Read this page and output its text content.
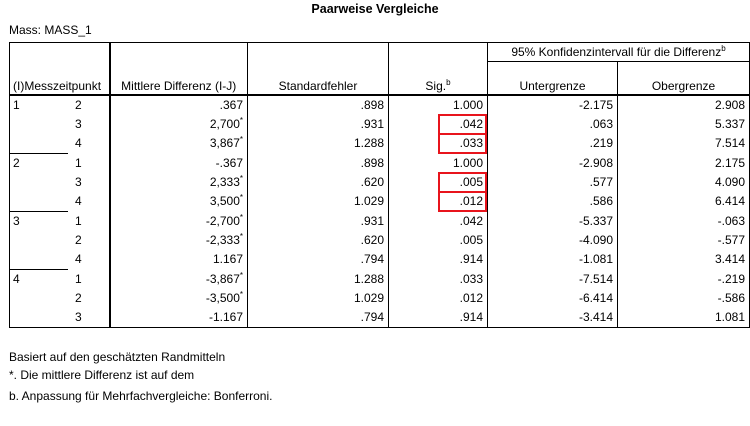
Paarweise Vergleiche
Mass: MASS_1
					95% Konfidenzintervall für die Differenz$^b$
(I)Messzeitpunkt		Mittlere Differenz (I-J)	Standardfehler	Sig.$^b$	Untergrenze	Obergrenze
1	2	.367	.898	1.000	-2.175	2.908
	3	2,700*	.931	.042	.063	5.337
	4	3,867*	1.288	.033	.219	7.514
2	1	-.367	.898	1.000	-2.908	2.175
	3	2,333*	.620	.005	.577	4.090
	4	3,500*	1.029	.012	.586	6.414
3	1	-2,700*	.931	.042	-5.337	-.063
	2	-2,333*	.620	.005	-4.090	-.577
	4	1.167	.794	.914	-1.081	3.414
4	1	-3,867*	1.288	.033	-7.514	-.219
	2	-3,500*	1.029	.012	-6.414	-.586
	3	-1.167	.794	.914	-3.414	1.081
Basiert auf den geschätzten Randmitteln
*. Die mittlere Differenz ist auf dem
b. Anpassung für Mehrfachvergleiche: Bonferroni.
